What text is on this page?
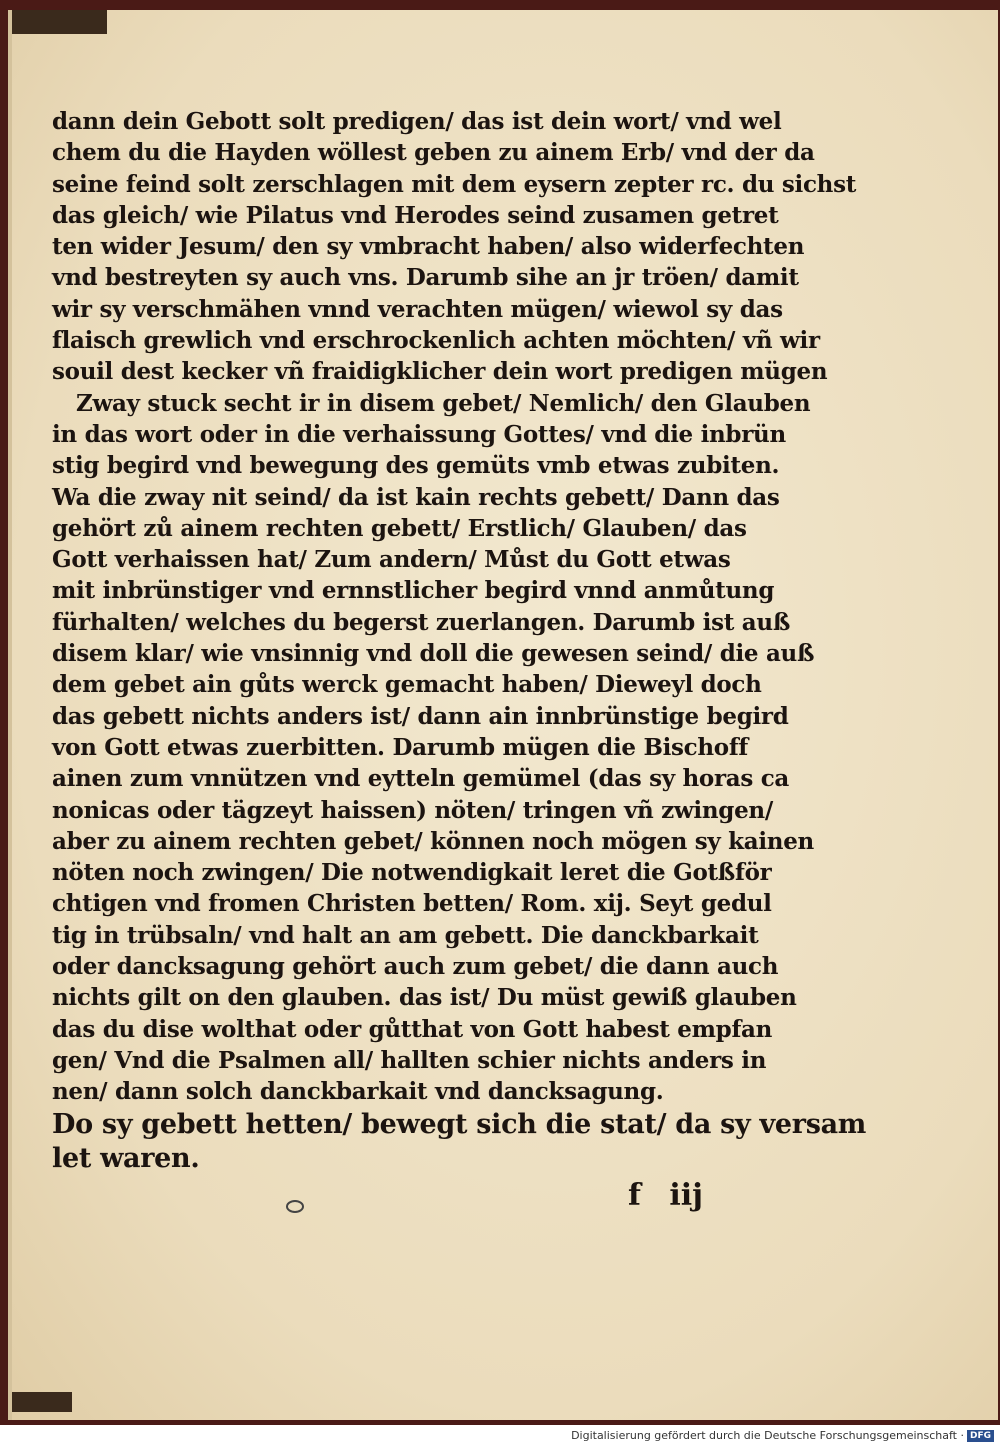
dann dein Gebott solt predigen/ das ist dein wort/ vnd wel
chem du die Hayden wöllest geben zu ainem Erb/ vnd der da
seine feind solt zerschlagen mit dem eysern zepter rc. du sichst
das gleich/ wie Pilatus vnd Herodes seind zusamen getret
ten wider Jesum/ den sy vmbracht haben/ also widerfechten
vnd bestreyten sy auch vns. Darumb sihe an jr tröen/ damit
wir sy verschmähen vnnd verachten mügen/ wiewol sy das
flaisch grewlich vnd erschrockenlich achten möchten/ vñ wir
souil dest kecker vñ fraidigklicher dein wort predigen mügen
Zway stuck secht ir in disem gebet/ Nemlich/ den Glauben
in das wort oder in die verhaissung Gottes/ vnd die inbrün
stig begird vnd bewegung des gemüts vmb etwas zubiten.
Wa die zway nit seind/ da ist kain rechts gebett/ Dann das
gehört zů ainem rechten gebett/ Erstlich/ Glauben/ das
Gott verhaissen hat/ Zum andern/ Můst du Gott etwas
mit inbrünstiger vnd ernnstlicher begird vnnd anmůtung
fürhalten/ welches du begerst zuerlangen. Darumb ist auß
disem klar/ wie vnsinnig vnd doll die gewesen seind/ die auß
dem gebet ain gůts werck gemacht haben/ Dieweyl doch
das gebett nichts anders ist/ dann ain innbrünstige begird
von Gott etwas zuerbitten. Darumb mügen die Bischoff
ainen zum vnnützen vnd eytteln gemümel (das sy horas ca
nonicas oder tägzeyt haissen) nöten/ tringen vñ zwingen/
aber zu ainem rechten gebet/ können noch mögen sy kainen
nöten noch zwingen/ Die notwendigkait leret die Gotßför
chtigen vnd fromen Christen betten/ Rom. xij. Seyt gedul
tig in trübsaln/ vnd halt an am gebett. Die danckbarkait
oder dancksagung gehört auch zum gebet/ die dann auch
nichts gilt on den glauben. das ist/ Du müst gewiß glauben
das du dise wolthat oder gůtthat von Gott habest empfan
gen/ Vnd die Psalmen all/ hallten schier nichts anders in
nen/ dann solch danckbarkait vnd dancksagung.
Do sy gebett hetten/ bewegt sich die stat/ da sy versam
let waren.
f iij
Digitalisierung gefördert durch die Deutsche Forschungsgemeinschaft · DFG
